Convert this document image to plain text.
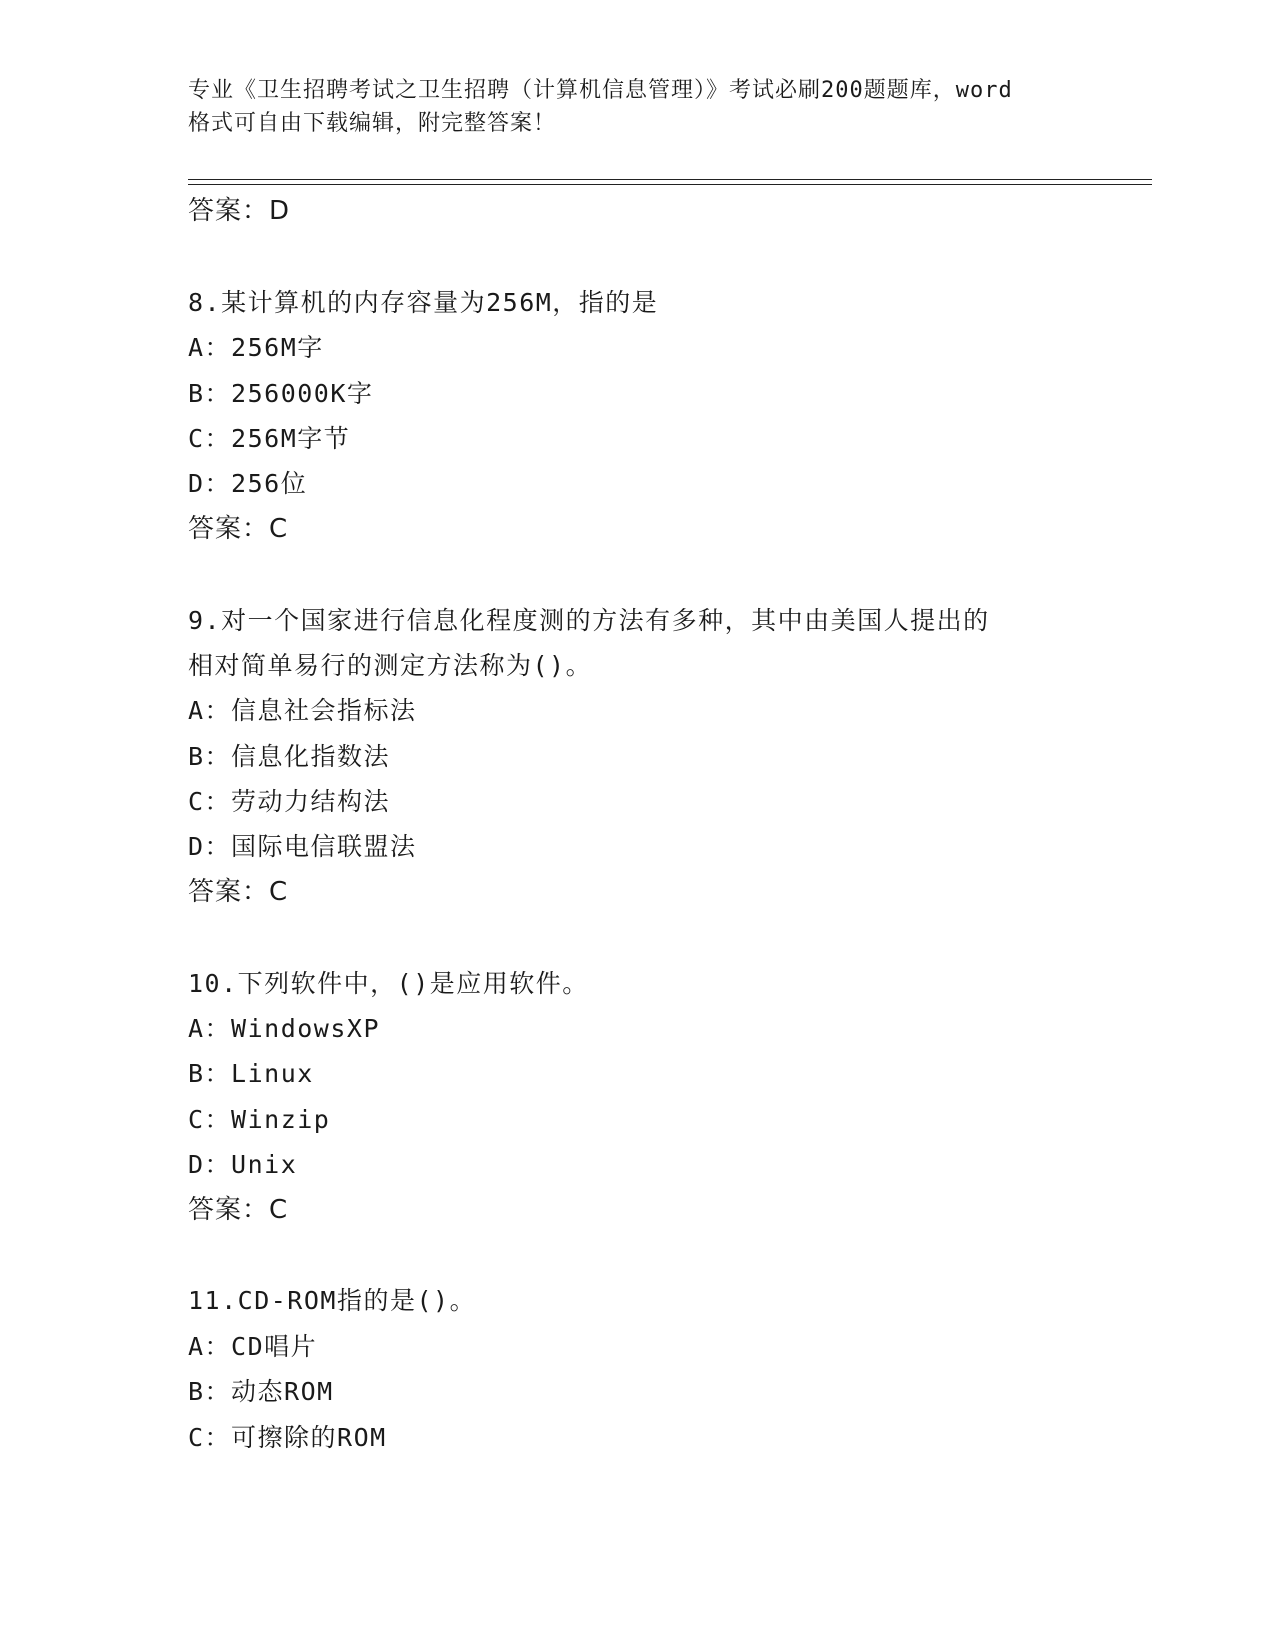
专业《卫生招聘考试之卫生招聘（计算机信息管理）》考试必刷200题题库，word
格式可自由下载编辑，附完整答案！

答案：D
8.某计算机的内存容量为256M，指的是
A：256M字
B：256000K字
C：256M字节
D：256位
答案：C
9.对一个国家进行信息化程度测的方法有多种，其中由美国人提出的
相对简单易行的测定方法称为()。
A：信息社会指标法
B：信息化指数法
C：劳动力结构法
D：国际电信联盟法
答案：C
10.下列软件中，()是应用软件。
A：WindowsXP
B：Linux
C：Winzip
D：Unix
答案：C
11.CD-ROM指的是()。
A：CD唱片
B：动态ROM
C：可擦除的ROM
